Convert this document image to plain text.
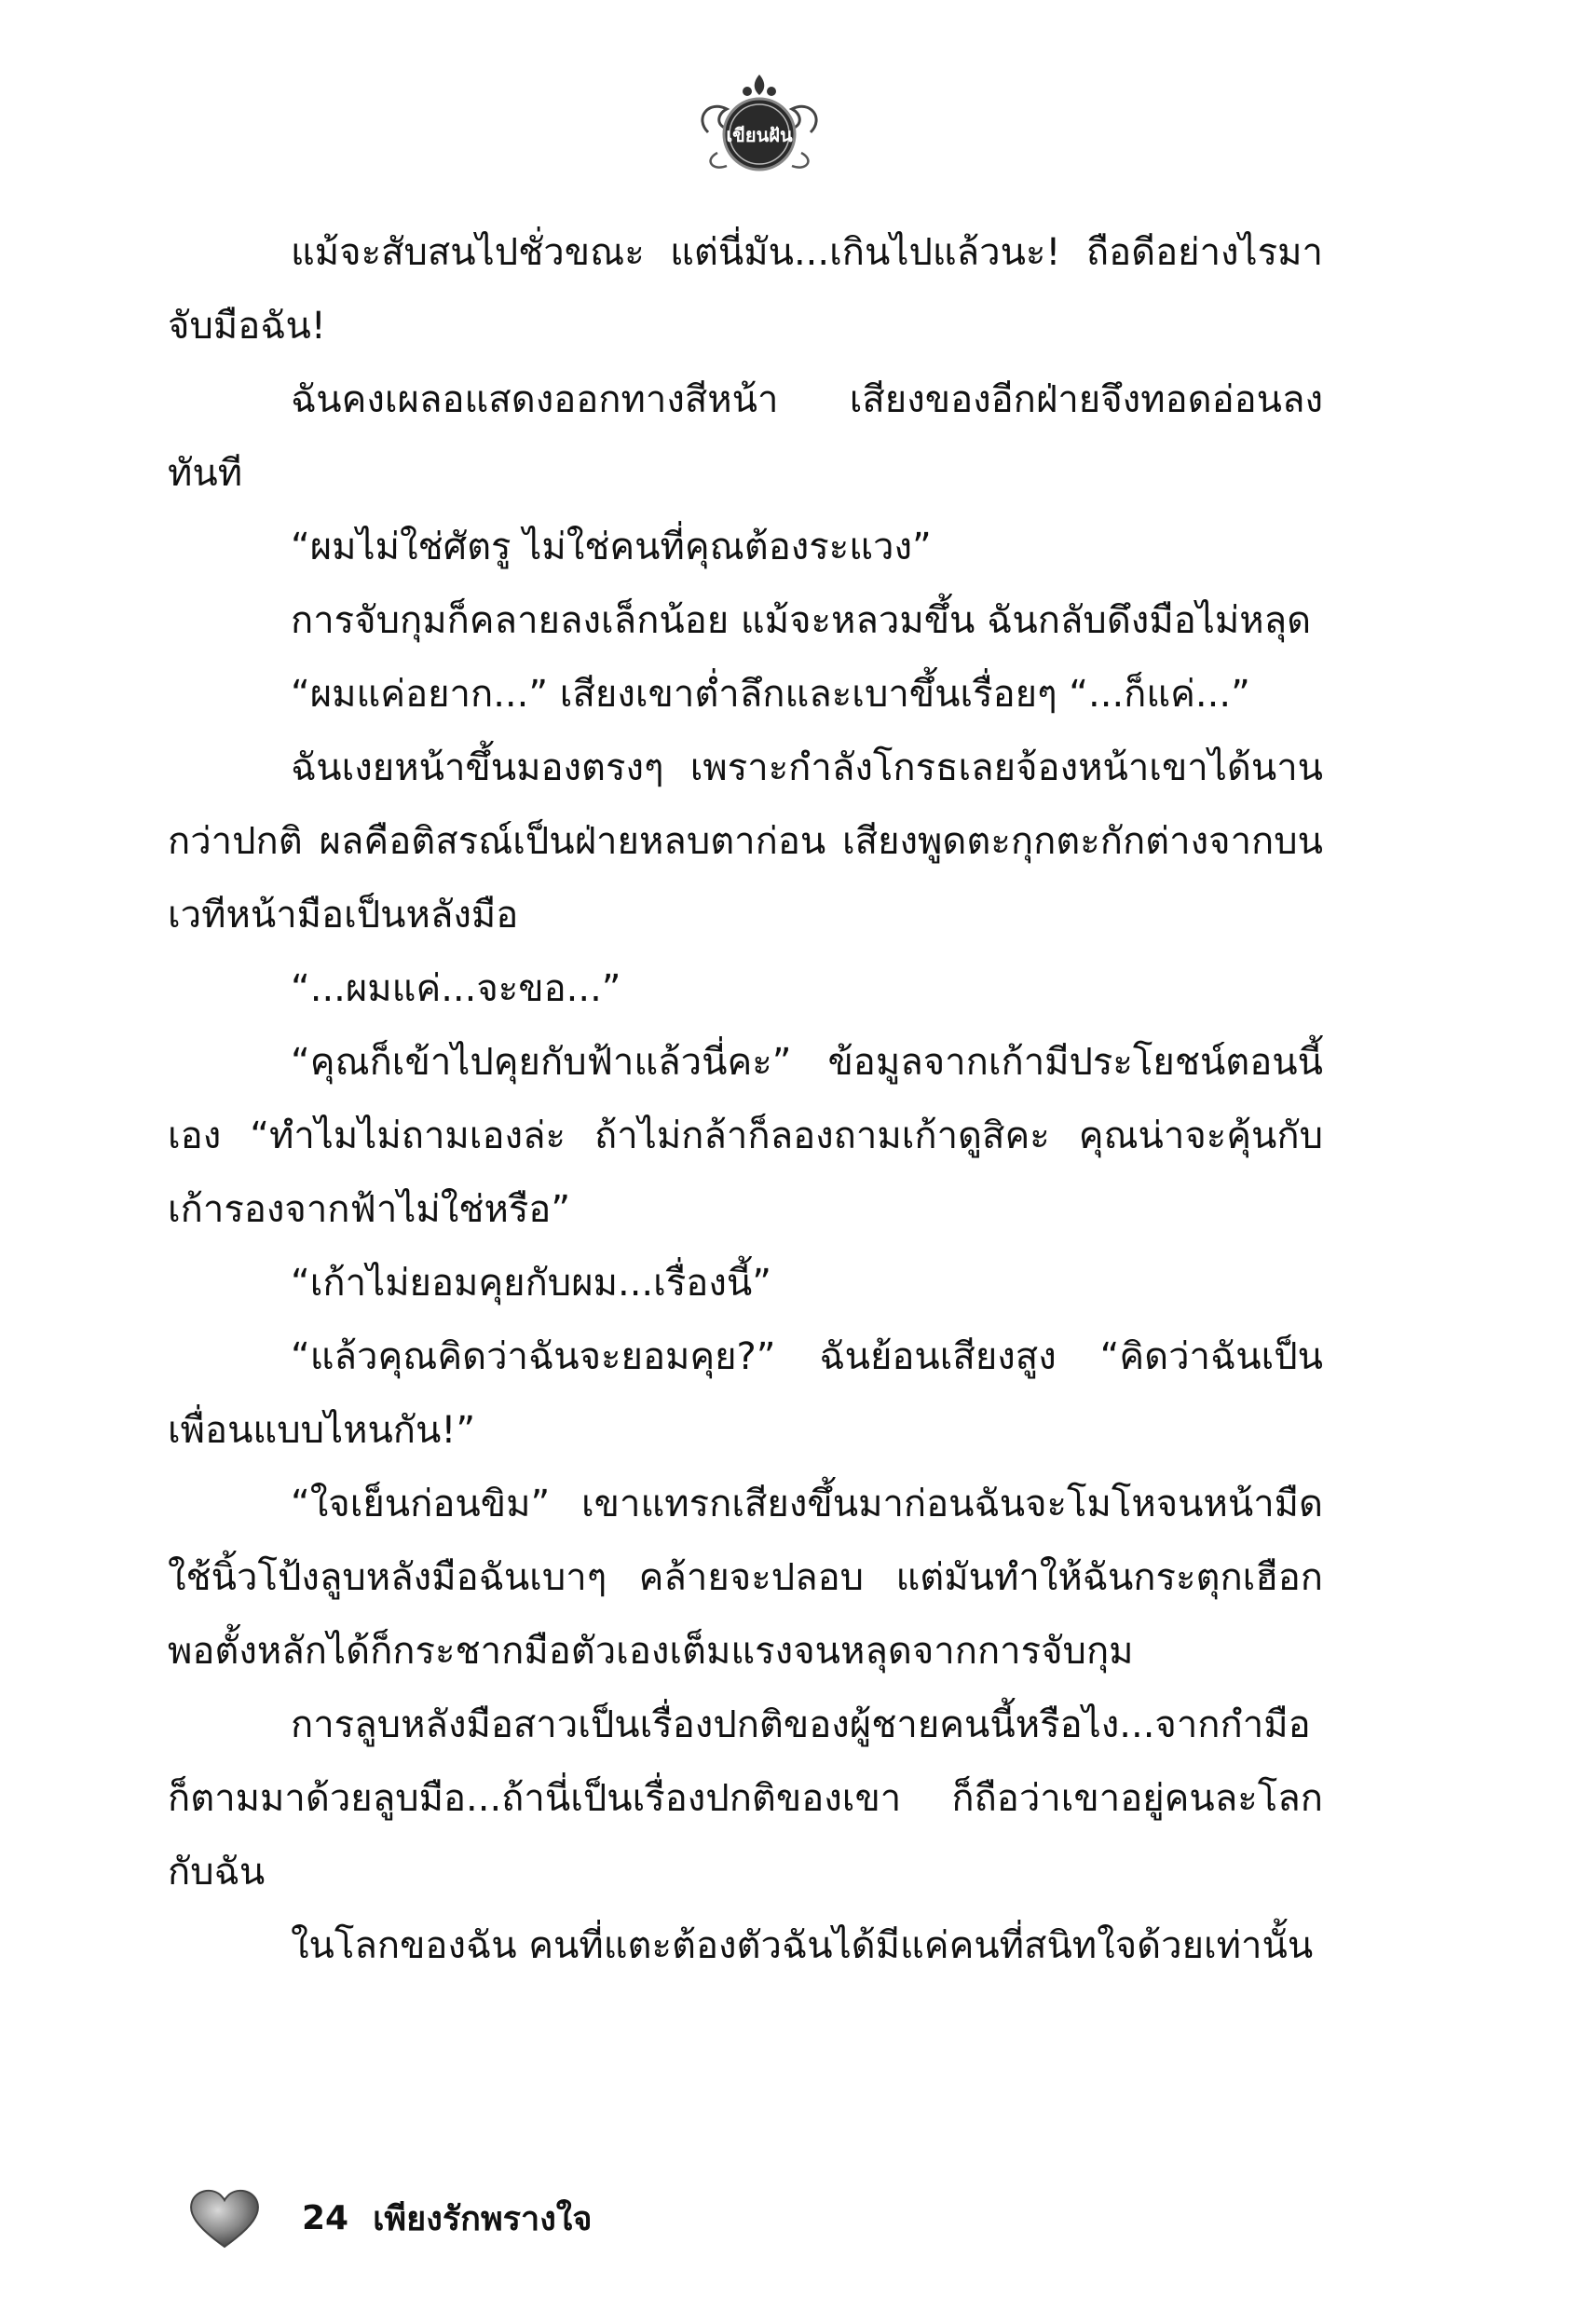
เขียนฝัน

แม้จะสับสนไปชั่วขณะ แต่นี่มัน...เกินไปแล้วนะ! ถือดีอย่างไรมาจับมือฉัน!

ฉันคงเผลอแสดงออกทางสีหน้า เสียงของอีกฝ่ายจึงทอดอ่อนลงทันที

“ผมไม่ใช่ศัตรู ไม่ใช่คนที่คุณต้องระแวง”

การจับกุมก็คลายลงเล็กน้อย แม้จะหลวมขึ้น ฉันกลับดึงมือไม่หลุด

“ผมแค่อยาก...” เสียงเขาต่ำลึกและเบาขึ้นเรื่อยๆ “...ก็แค่...”

ฉันเงยหน้าขึ้นมองตรงๆ เพราะกำลังโกรธเลยจ้องหน้าเขาได้นานกว่าปกติ ผลคือติสรณ์เป็นฝ่ายหลบตาก่อน เสียงพูดตะกุกตะกักต่างจากบนเวทีหน้ามือเป็นหลังมือ

“...ผมแค่...จะขอ...”

“คุณก็เข้าไปคุยกับฟ้าแล้วนี่คะ” ข้อมูลจากเก้ามีประโยชน์ตอนนี้เอง “ทำไมไม่ถามเองล่ะ ถ้าไม่กล้าก็ลองถามเก้าดูสิคะ คุณน่าจะคุ้นกับเก้ารองจากฟ้าไม่ใช่หรือ”

“เก้าไม่ยอมคุยกับผม...เรื่องนี้”

“แล้วคุณคิดว่าฉันจะยอมคุย?” ฉันย้อนเสียงสูง “คิดว่าฉันเป็นเพื่อนแบบไหนกัน!”

“ใจเย็นก่อนขิม” เขาแทรกเสียงขึ้นมาก่อนฉันจะโมโหจนหน้ามืด ใช้นิ้วโป้งลูบหลังมือฉันเบาๆ คล้ายจะปลอบ แต่มันทำให้ฉันกระตุกเฮือก พอตั้งหลักได้ก็กระชากมือตัวเองเต็มแรงจนหลุดจากการจับกุม

การลูบหลังมือสาวเป็นเรื่องปกติของผู้ชายคนนี้หรือไง...จากกำมือก็ตามมาด้วยลูบมือ...ถ้านี่เป็นเรื่องปกติของเขา ก็ถือว่าเขาอยู่คนละโลกกับฉัน

ในโลกของฉัน คนที่แตะต้องตัวฉันได้มีแค่คนที่สนิทใจด้วยเท่านั้น

24 เพียงรักพรางใจ
